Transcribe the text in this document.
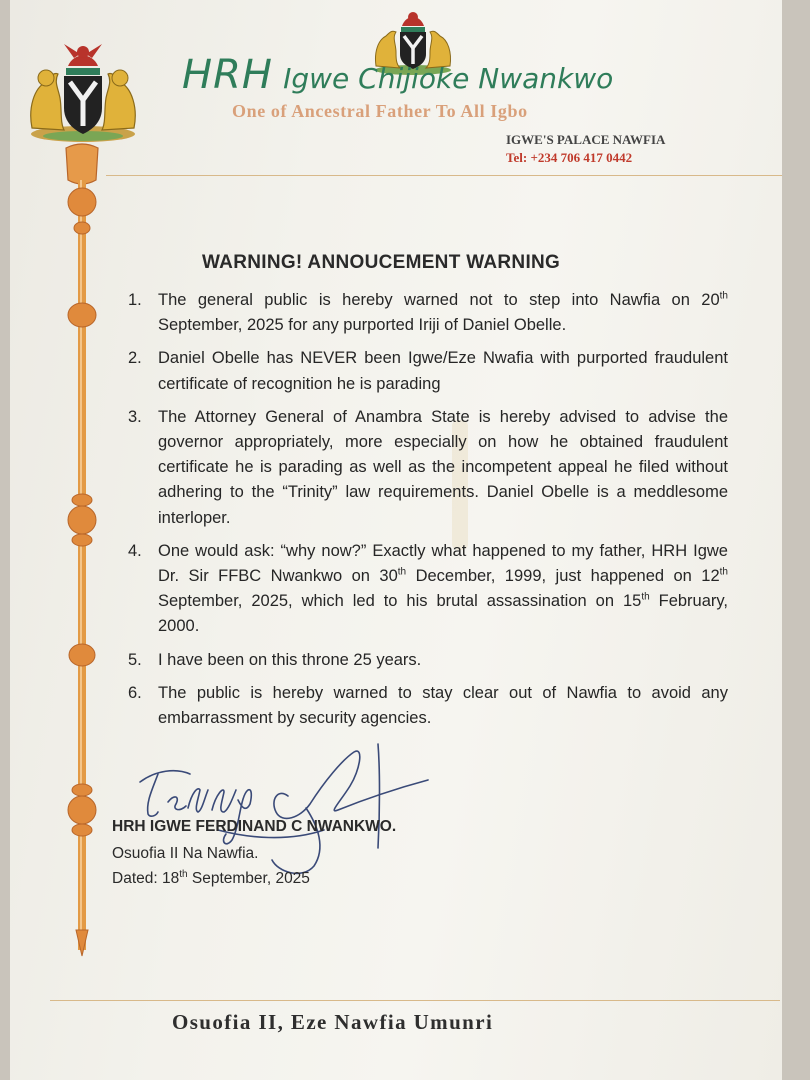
HRH Igwe Chijioke Nwankwo
One of Ancestral Father To All Igbo
IGWE'S PALACE NAWFIA
Tel: +234 706 417 0442
WARNING! ANNOUCEMENT WARNING
1. The general public is hereby warned not to step into Nawfia on 20th September, 2025 for any purported Iriji of Daniel Obelle.
2. Daniel Obelle has NEVER been Igwe/Eze Nwafia with purported fraudulent certificate of recognition he is parading
3. The Attorney General of Anambra State is hereby advised to advise the governor appropriately, more especially on how he obtained fraudulent certificate he is parading as well as the incompetent appeal he filed without adhering to the “Trinity” law requirements. Daniel Obelle is a meddlesome interloper.
4. One would ask: “why now?” Exactly what happened to my father, HRH Igwe Dr. Sir FFBC Nwankwo on 30th December, 1999, just happened on 12th September, 2025, which led to his brutal assassination on 15th February, 2000.
5. I have been on this throne 25 years.
6. The public is hereby warned to stay clear out of Nawfia to avoid any embarrassment by security agencies.
HRH IGWE FERDINAND C NWANKWO.
Osuofia II Na Nawfia.
Dated: 18th September, 2025
Osuofia II, Eze Nawfia Umunri
